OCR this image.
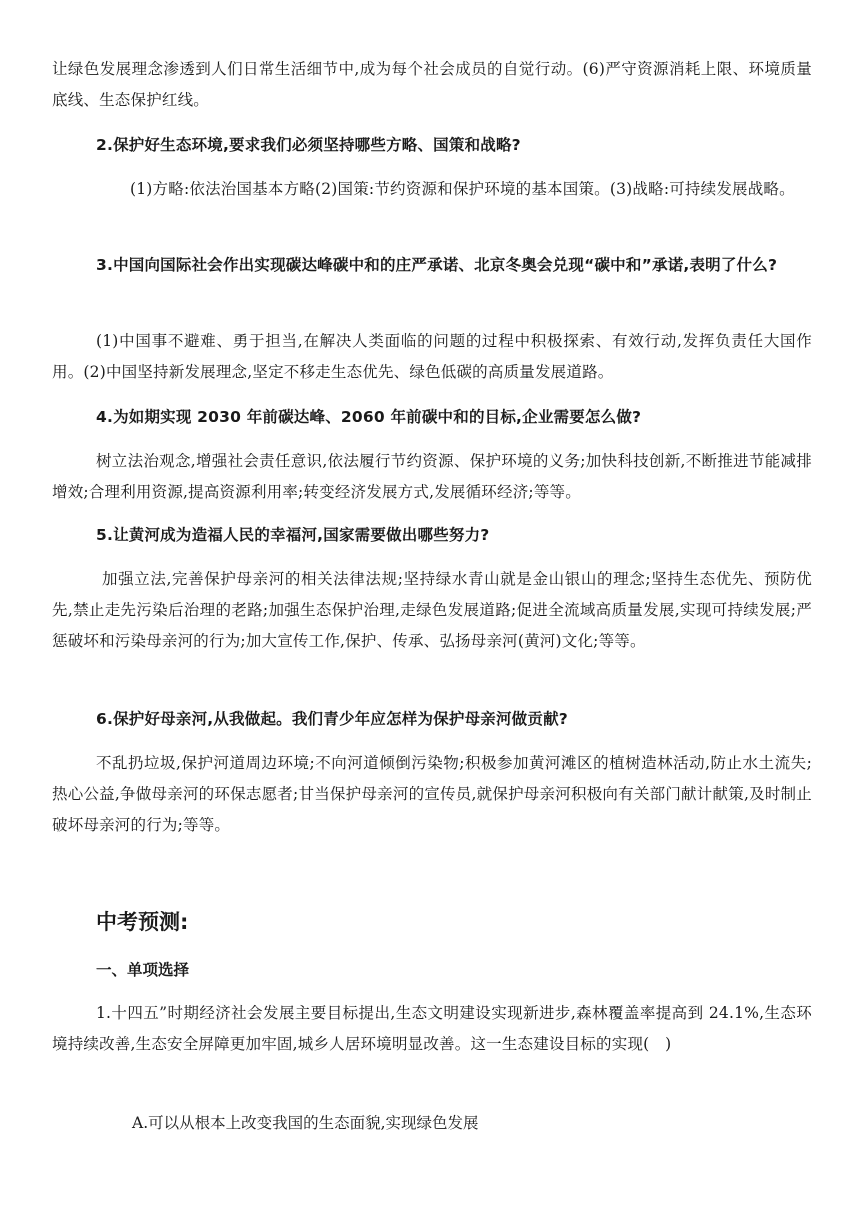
让绿色发展理念渗透到人们日常生活细节中,成为每个社会成员的自觉行动。(6)严守资源消耗上限、环境质量底线、生态保护红线。
2.保护好生态环境,要求我们必须坚持哪些方略、国策和战略?
(1)方略:依法治国基本方略(2)国策:节约资源和保护环境的基本国策。(3)战略:可持续发展战略。
3.中国向国际社会作出实现碳达峰碳中和的庄严承诺、北京冬奥会兑现“碳中和”承诺,表明了什么?
(1)中国事不避难、勇于担当,在解决人类面临的问题的过程中积极探索、有效行动,发挥负责任大国作用。(2)中国坚持新发展理念,坚定不移走生态优先、绿色低碳的高质量发展道路。
4.为如期实现 2030 年前碳达峰、2060 年前碳中和的目标,企业需要怎么做?
树立法治观念,增强社会责任意识,依法履行节约资源、保护环境的义务;加快科技创新,不断推进节能减排增效;合理利用资源,提高资源利用率;转变经济发展方式,发展循环经济;等等。
5.让黄河成为造福人民的幸福河,国家需要做出哪些努力?
加强立法,完善保护母亲河的相关法律法规;坚持绿水青山就是金山银山的理念;坚持生态优先、预防优先,禁止走先污染后治理的老路;加强生态保护治理,走绿色发展道路;促进全流域高质量发展,实现可持续发展;严惩破坏和污染母亲河的行为;加大宣传工作,保护、传承、弘扬母亲河(黄河)文化;等等。
6.保护好母亲河,从我做起。我们青少年应怎样为保护母亲河做贡献?
不乱扔垃圾,保护河道周边环境;不向河道倾倒污染物;积极参加黄河滩区的植树造林活动,防止水土流失;热心公益,争做母亲河的环保志愿者;甘当保护母亲河的宣传员,就保护母亲河积极向有关部门献计献策,及时制止破坏母亲河的行为;等等。
中考预测:
一、单项选择
1.十四五”时期经济社会发展主要目标提出,生态文明建设实现新进步,森林覆盖率提高到 24.1%,生态环境持续改善,生态安全屏障更加牢固,城乡人居环境明显改善。这一生态建设目标的实现(　)
A.可以从根本上改变我国的生态面貌,实现绿色发展
